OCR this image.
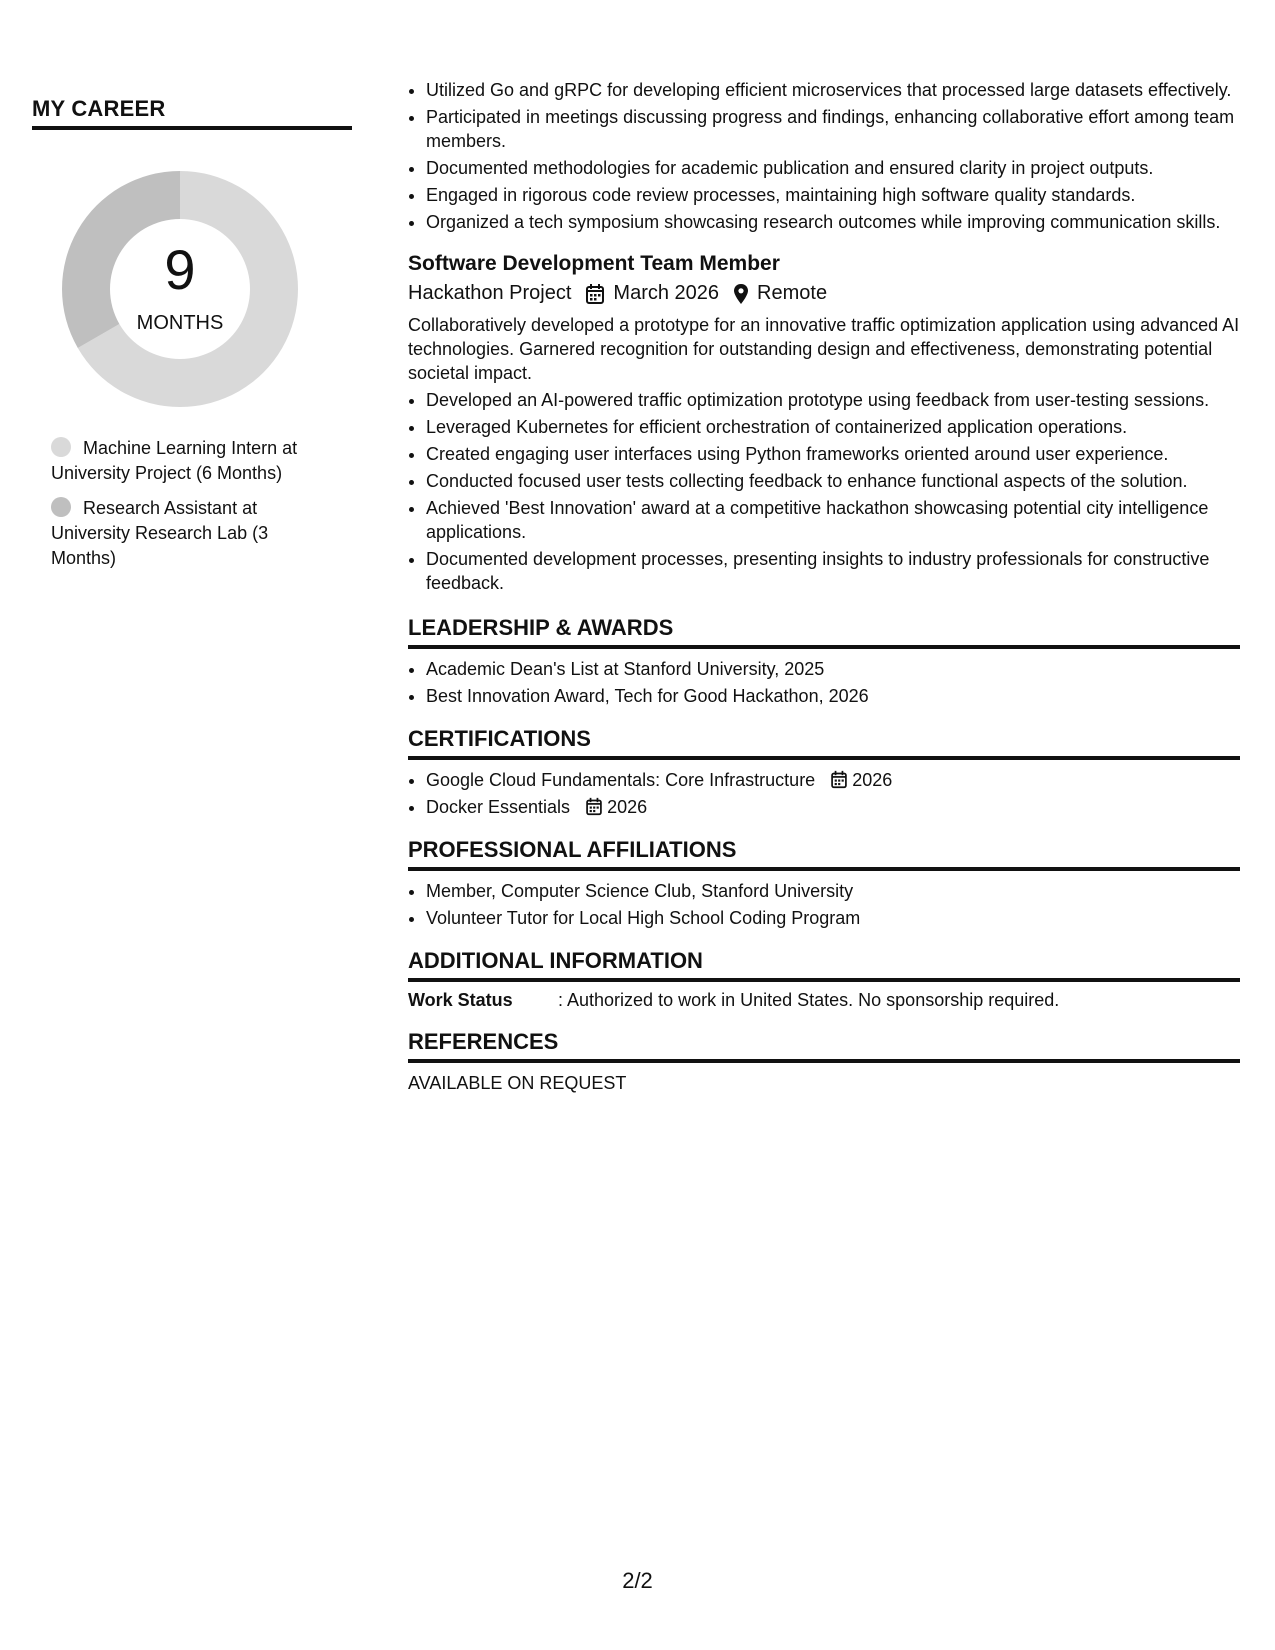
MY CAREER
9
MONTHS
Machine Learning Intern at University Project (6 Months)
Research Assistant at University Research Lab (3 Months)
• Utilized Go and gRPC for developing efficient microservices that processed large datasets effectively.
• Participated in meetings discussing progress and findings, enhancing collaborative effort among team members.
• Documented methodologies for academic publication and ensured clarity in project outputs.
• Engaged in rigorous code review processes, maintaining high software quality standards.
• Organized a tech symposium showcasing research outcomes while improving communication skills.
Software Development Team Member
Hackathon Project March 2026 Remote

Collaboratively developed a prototype for an innovative traffic optimization application using advanced AI technologies. Garnered recognition for outstanding design and effectiveness, demonstrating potential societal impact.

• Developed an AI-powered traffic optimization prototype using feedback from user-testing sessions.
• Leveraged Kubernetes for efficient orchestration of containerized application operations.
• Created engaging user interfaces using Python frameworks oriented around user experience.
• Conducted focused user tests collecting feedback to enhance functional aspects of the solution.
• Achieved 'Best Innovation' award at a competitive hackathon showcasing potential city intelligence applications.
• Documented development processes, presenting insights to industry professionals for constructive feedback.
LEADERSHIP & AWARDS
• Academic Dean's List at Stanford University, 2025
• Best Innovation Award, Tech for Good Hackathon, 2026
CERTIFICATIONS
• Google Cloud Fundamentals: Core Infrastructure 2026
• Docker Essentials 2026
PROFESSIONAL AFFILIATIONS
• Member, Computer Science Club, Stanford University
• Volunteer Tutor for Local High School Coding Program
ADDITIONAL INFORMATION
Work Status	: Authorized to work in United States. No sponsorship required.
REFERENCES
AVAILABLE ON REQUEST
2/2
